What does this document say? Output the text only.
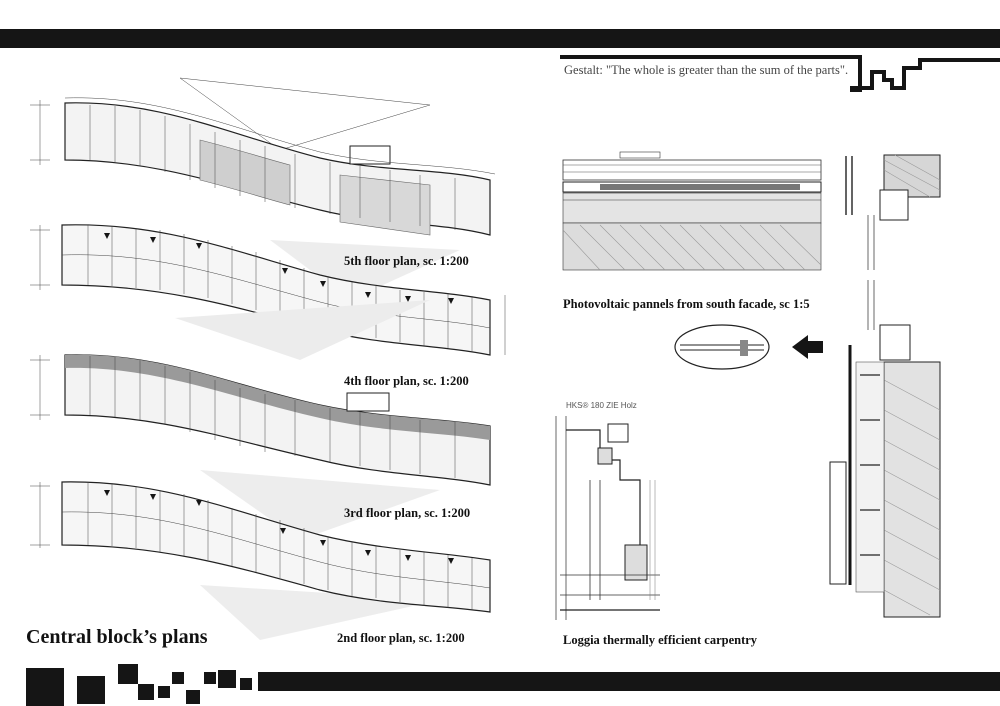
Gestalt: "The whole is greater than the sum of the parts".
5th floor plan, sc. 1:200
4th floor plan, sc. 1:200
3rd floor plan, sc. 1:200
2nd floor plan, sc. 1:200
Central block’s plans
Photovoltaic pannels from south facade, sc 1:5
Loggia thermally efficient carpentry
HKS® 180 ZIE Holz
